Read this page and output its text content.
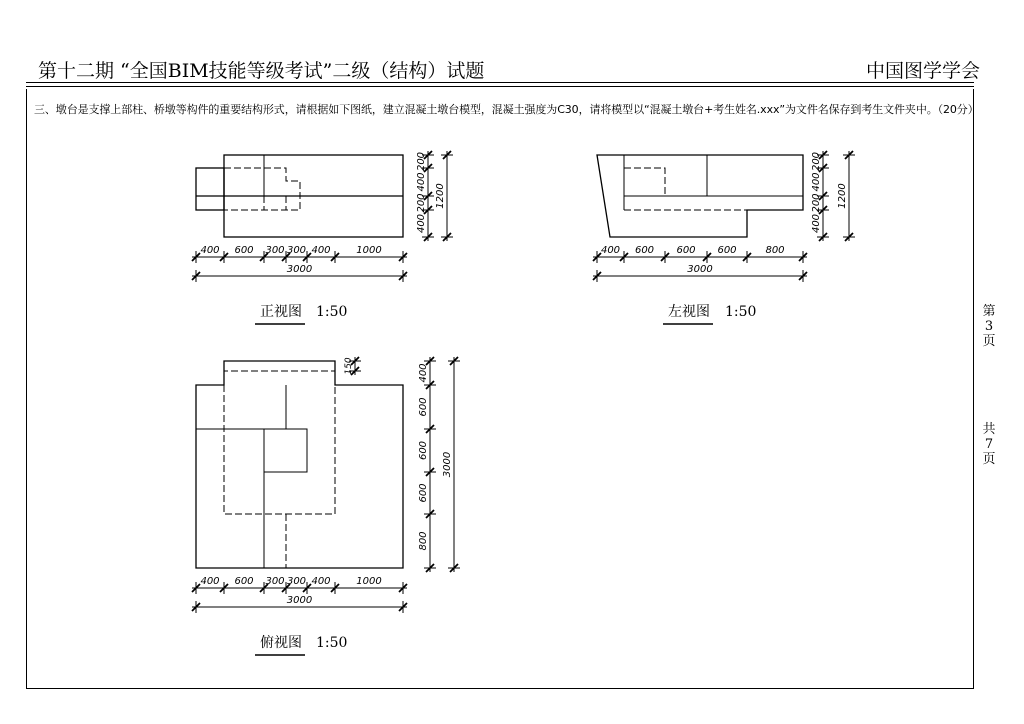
第十二期 “全国BIM技能等级考试”二级（结构）试题	中国图学学会
三、墩台是支撑上部柱、桥墩等构件的重要结构形式，请根据如下图纸，建立混凝土墩台模型，混凝土强度为C30，请将模型以“混凝土墩台+考生姓名.xxx”为文件名保存到考生文件夹中。（20分）
第
3
页
共
7
页
400 600 300 300 400	1000
3000
200
400
200
400
1200
400 600 600 600	800
3000
200
400
200
400
1200
400 600 300 300 400	1000
3000
400
600
600
600
800
3000
150
正视图 1:50	左视图 1:50
俯视图 1:50
